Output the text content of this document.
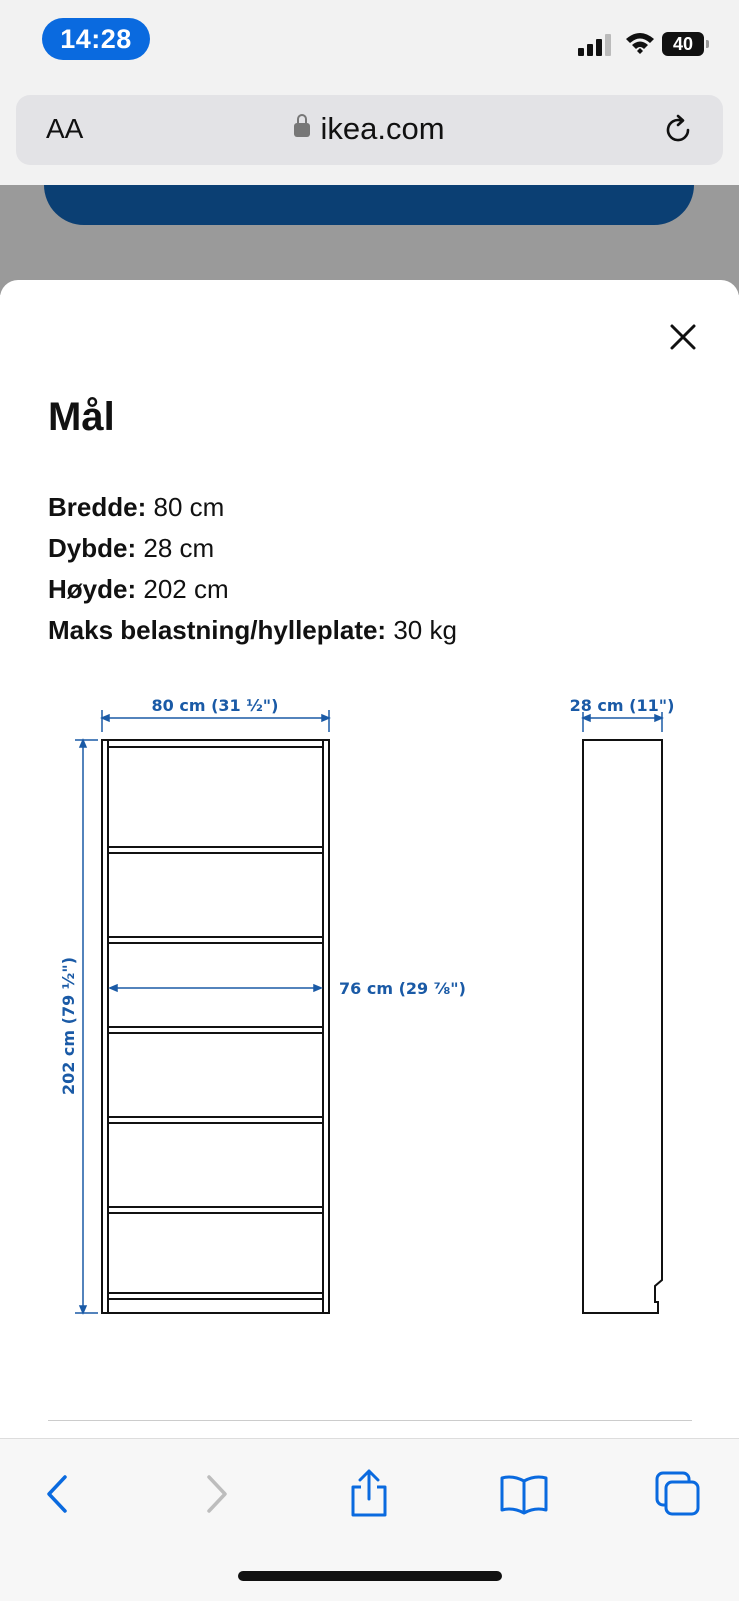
14:28	40
AA	ikea.com
Mål
Bredde: 80 cm
Dybde: 28 cm
Høyde: 202 cm
Maks belastning/hylleplate: 30 kg
80 cm (31 ½")
202 cm (79 ½")	76 cm (29 ⅞")
28 cm (11")
